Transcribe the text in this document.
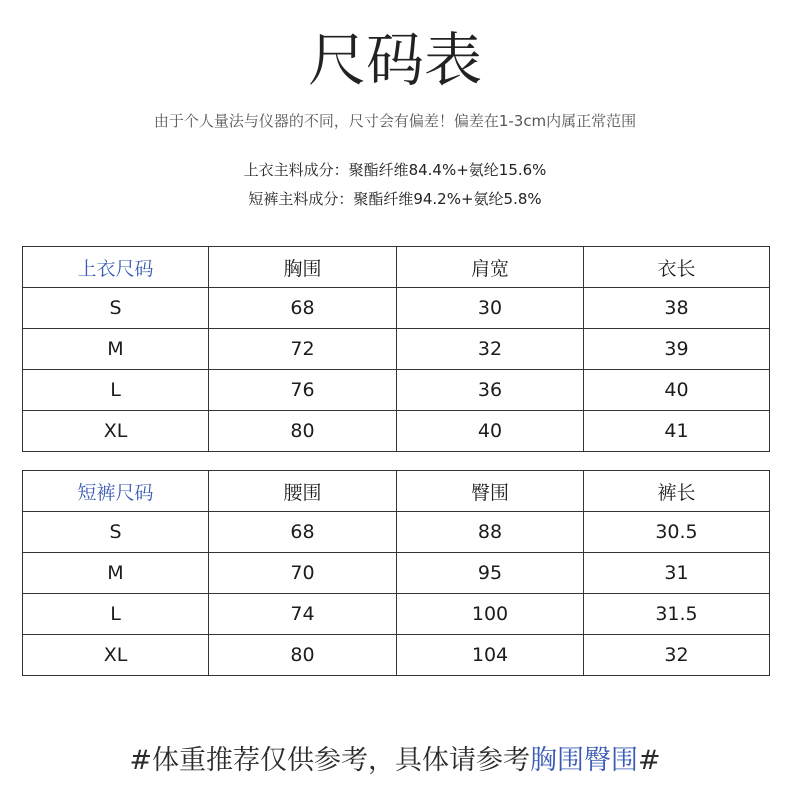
尺码表
由于个人量法与仪器的不同，尺寸会有偏差！偏差在1-3cm内属正常范围
上衣主料成分：聚酯纤维84.4%+氨纶15.6%
短裤主料成分：聚酯纤维94.2%+氨纶5.8%
上衣尺码	胸围	肩宽	衣长
S	68	30	38
M	72	32	39
L	76	36	40
XL	80	40	41
短裤尺码	腰围	臀围	裤长
S	68	88	30.5
M	70	95	31
L	74	100	31.5
XL	80	104	32
#体重推荐仅供参考，具体请参考胸围臀围#
